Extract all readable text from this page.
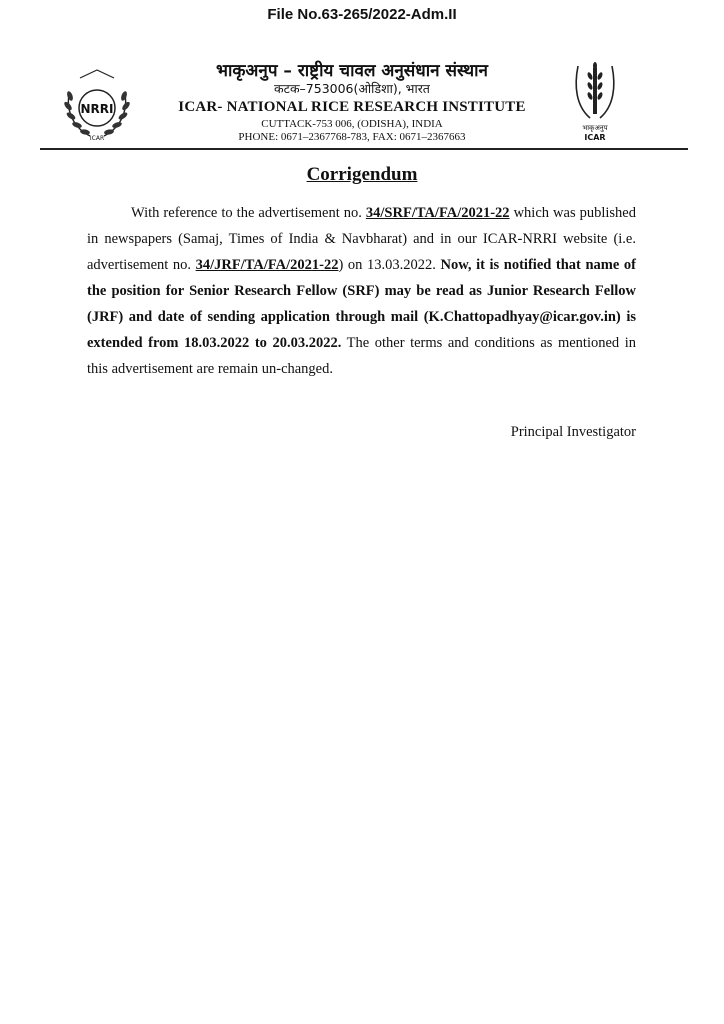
File No.63-265/2022-Adm.II
NRRI
ICAR
भाकृअनुप
ICAR
भाकृअनुप – राष्ट्रीय चावल अनुसंधान संस्थान
कटक–753006(ओडिशा), भारत
ICAR- NATIONAL RICE RESEARCH INSTITUTE
CUTTACK-753 006, (ODISHA), INDIA
PHONE: 0671–2367768-783, FAX: 0671–2367663
Corrigendum

With reference to the advertisement no. 34/SRF/TA/FA/2021-22 which was published in newspapers (Samaj, Times of India & Navbharat) and in our ICAR-NRRI website (i.e. advertisement no. 34/JRF/TA/FA/2021-22) on 13.03.2022. Now, it is notified that name of the position for Senior Research Fellow (SRF) may be read as Junior Research Fellow (JRF) and date of sending application through mail (K.Chattopadhyay@icar.gov.in) is extended from 18.03.2022 to 20.03.2022. The other terms and conditions as mentioned in this advertisement are remain un-changed.

Principal Investigator
